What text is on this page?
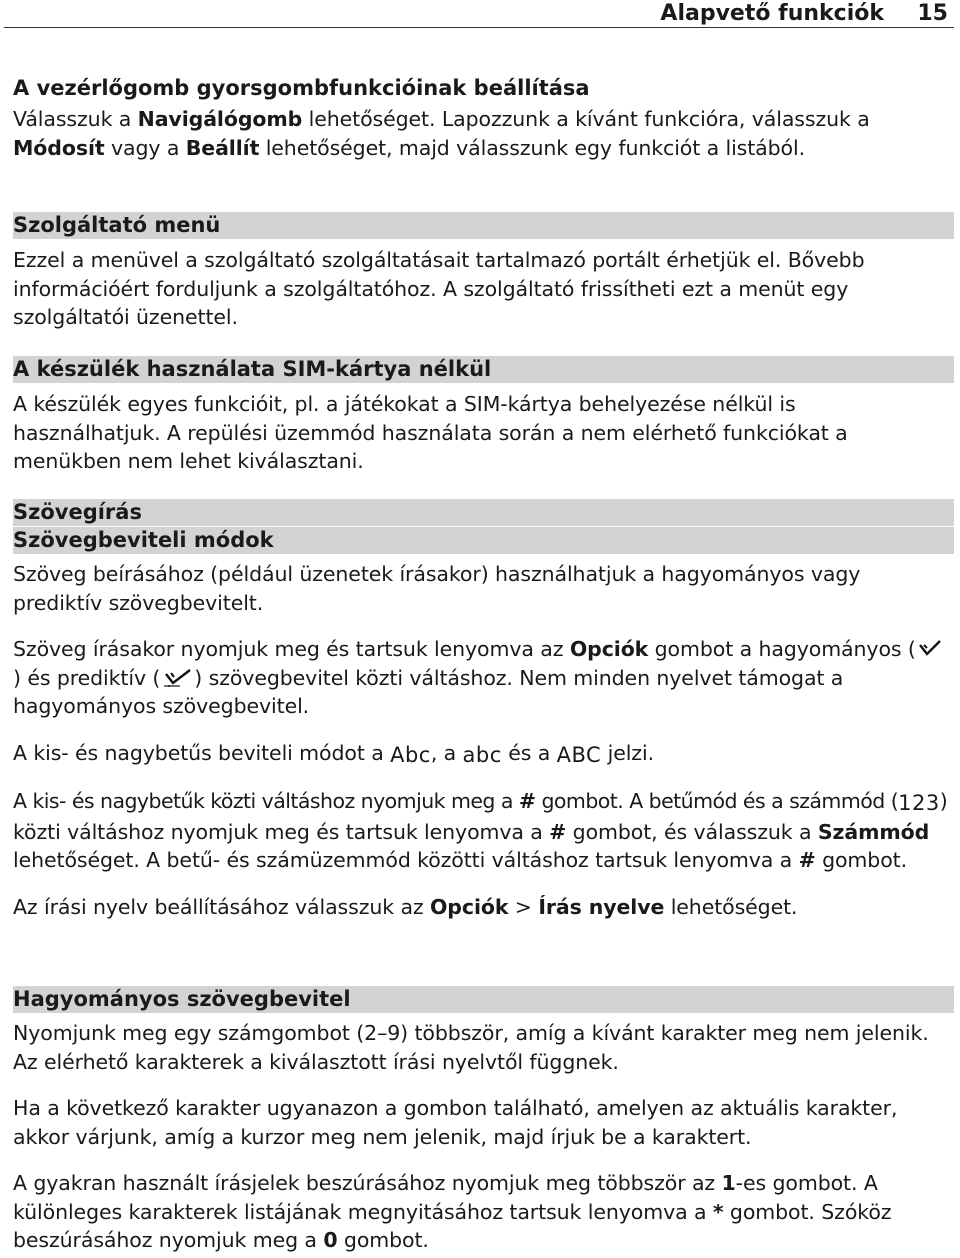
Alapvető funkciók 15
A vezérlőgomb gyorsgombfunkcióinak beállítása

Válasszuk a Navigálógomb lehetőséget. Lapozzunk a kívánt funkcióra, válasszuk a Módosít vagy a Beállít lehetőséget, majd válasszunk egy funkciót a listából.

Szolgáltató menü

Ezzel a menüvel a szolgáltató szolgáltatásait tartalmazó portált érhetjük el. Bővebb információért forduljunk a szolgáltatóhoz. A szolgáltató frissítheti ezt a menüt egy szolgáltatói üzenettel.

A készülék használata SIM-kártya nélkül

A készülék egyes funkcióit, pl. a játékokat a SIM-kártya behelyezése nélkül is használhatjuk. A repülési üzemmód használata során a nem elérhető funkciókat a menükben nem lehet kiválasztani.

Szövegírás
Szövegbeviteli módok

Szöveg beírásához (például üzenetek írásakor) használhatjuk a hagyományos vagy prediktív szövegbevitelt.

Szöveg írásakor nyomjuk meg és tartsuk lenyomva az Opciók gombot a hagyományos () és prediktív ( ) szövegbevitel közti váltáshoz. Nem minden nyelvet támogat a hagyományos szövegbevitel.

A kis- és nagybetűs beviteli módot a Abc, a abc és a ABC jelzi.

A kis- és nagybetűk közti váltáshoz nyomjuk meg a # gombot. A betűmód és a számmód (123) közti váltáshoz nyomjuk meg és tartsuk lenyomva a # gombot, és válasszuk a Számmód lehetőséget. A betű- és számüzemmód közötti váltáshoz tartsuk lenyomva a # gombot.

Az írási nyelv beállításához válasszuk az Opciók > Írás nyelve lehetőséget.

Hagyományos szövegbevitel

Nyomjunk meg egy számgombot (2–9) többször, amíg a kívánt karakter meg nem jelenik. Az elérhető karakterek a kiválasztott írási nyelvtől függnek.

Ha a következő karakter ugyanazon a gombon található, amelyen az aktuális karakter, akkor várjunk, amíg a kurzor meg nem jelenik, majd írjuk be a karaktert.

A gyakran használt írásjelek beszúrásához nyomjuk meg többször az 1-es gombot. A különleges karakterek listájának megnyitásához tartsuk lenyomva a * gombot. Szóköz beszúrásához nyomjuk meg a 0 gombot.
